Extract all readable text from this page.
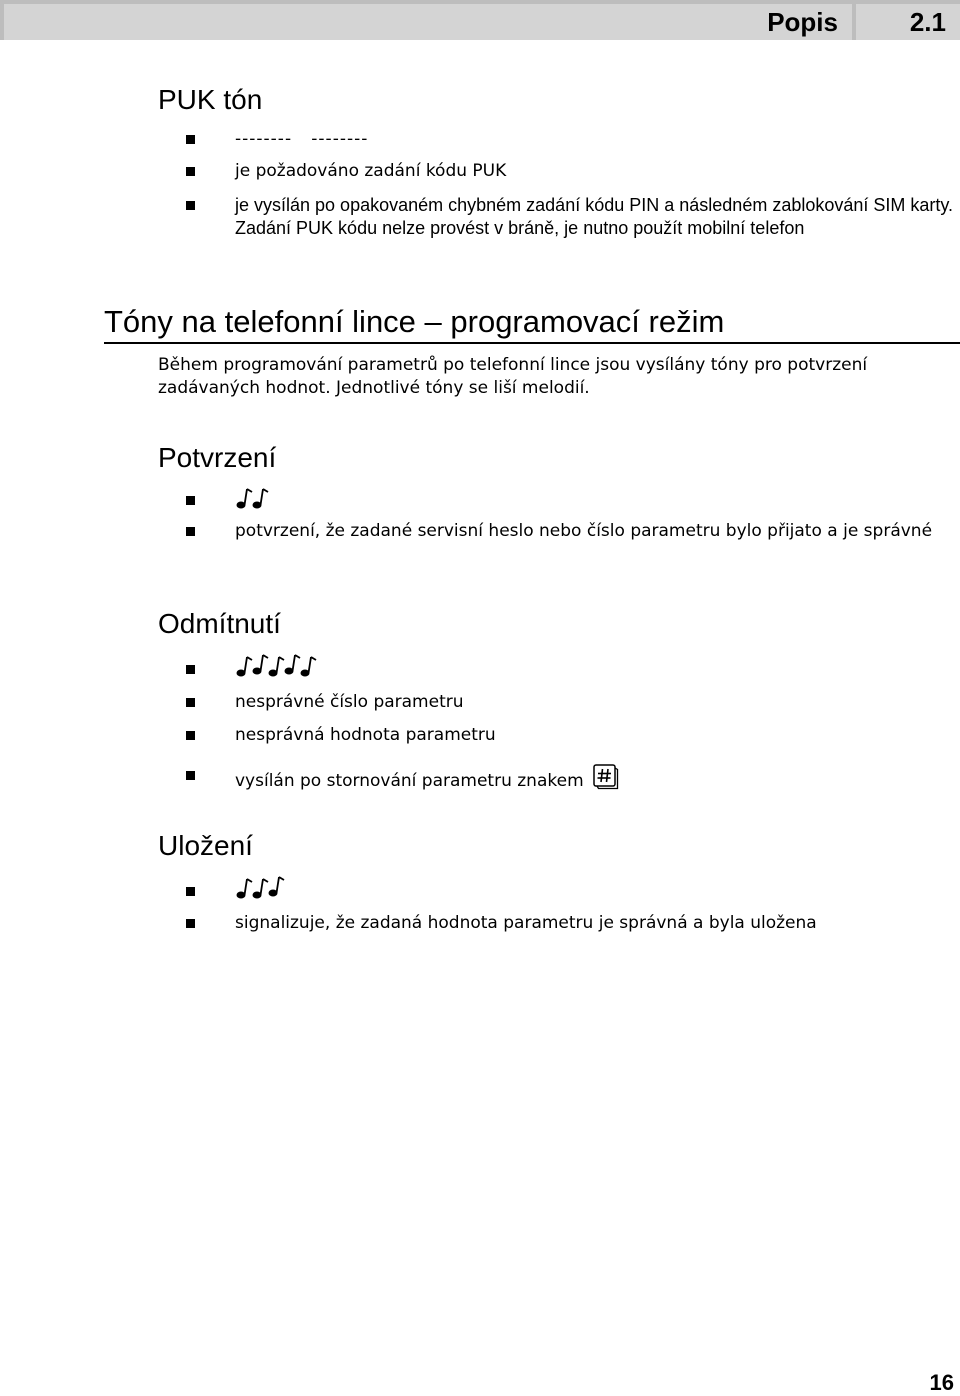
Popis	2.1
PUK tón
--------   --------
je požadováno zadání kódu PUK
je vysílán po opakovaném chybném zadání kódu PIN a následném zablokování SIM karty. Zadání PUK kódu nelze provést v bráně, je nutno použít mobilní telefon
Tóny na telefonní lince – programovací režim
Během programování parametrů po telefonní lince jsou vysílány tóny pro potvrzení zadávaných hodnot. Jednotlivé tóny se liší melodií.
Potvrzení
potvrzení, že zadané servisní heslo nebo číslo parametru bylo přijato a je správné
Odmítnutí
nesprávné číslo parametru
nesprávná hodnota parametru
vysílán po stornování parametru znakem
Uložení
signalizuje, že zadaná hodnota parametru je správná a byla uložena
16
